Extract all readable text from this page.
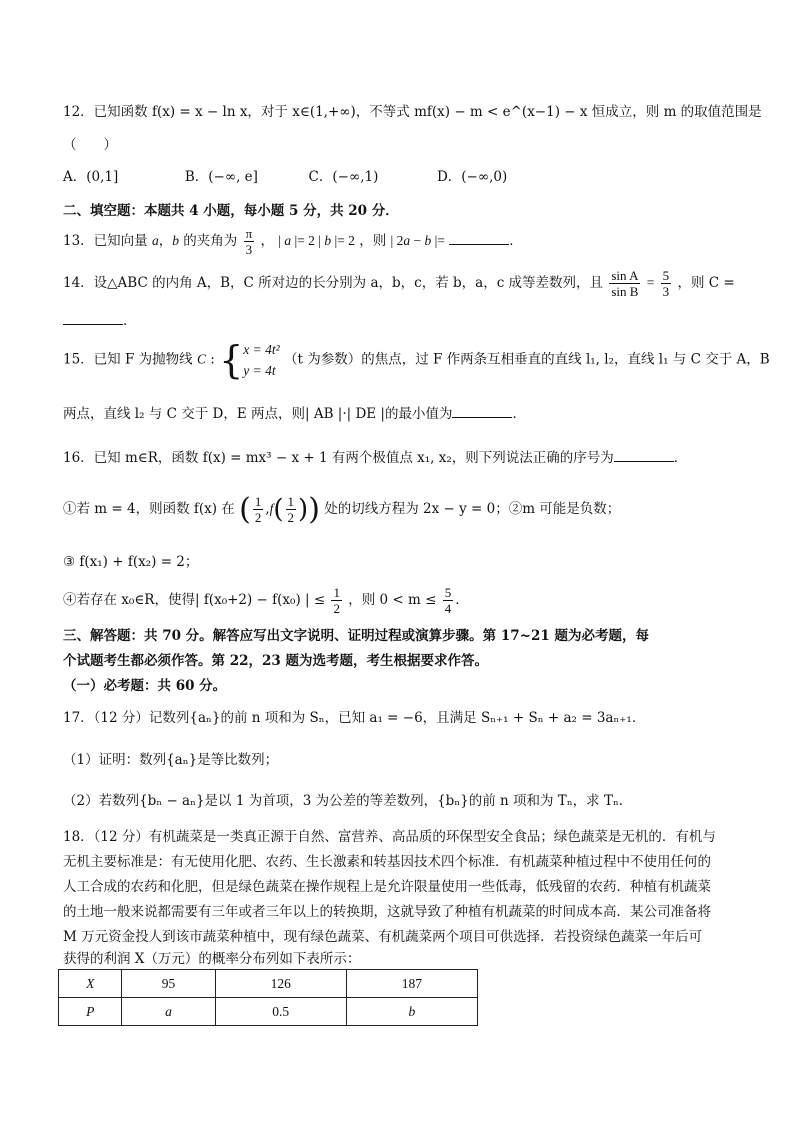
12．已知函数 f(x) = x − ln x，对于 x∈(1,+∞)，不等式 mf(x) − m < e^(x−1) − x 恒成立，则 m 的取值范围是
（　　）
A．(0,1]	B．(−∞, e]	C．(−∞,1)	D．(−∞,0)
二、填空题：本题共 4 小题，每小题 5 分，共 20 分．
13．已知向量 a，b 的夹角为 $\frac{\pi}{3}$ ， | a |= 2 | b |= 2 ，则 | 2a − b |=	．
14．设△ABC 的内角 A，B，C 所对边的长分别为 a，b，c，若 b，a，c 成等差数列，且 $\frac{\text{sin A}}{\text{sin B}} = \frac{5}{3}$ ，则 C =
．
15．已知 F 为抛物线 C : { x = 4t²
y = 4t
（t 为参数）的焦点，过 F 作两条互相垂直的直线 l₁, l₂，直线 l₁ 与 C 交于 A，B
两点，直线 l₂ 与 C 交于 D，E 两点，则| AB |·| DE |的最小值为	．
16．已知 m∈R，函数 f(x) = mx³ − x + 1 有两个极值点 x₁, x₂，则下列说法正确的序号为	．
①若 m = 4，则函数 f(x) 在 ( $\frac{1}{2} ,f( \frac{1}{2}$ )) 处的切线方程为 2x − y = 0；②m 可能是负数；
③ f(x₁) + f(x₂) = 2；
④若存在 x₀∈R，使得| f(x₀+2) − f(x₀) | ≤ $\frac{1}{2}$ ，则 $0 < m \le \frac{5}{4}$ ．
三、解答题：共 70 分。解答应写出文字说明、证明过程或演算步骤。第 17~21 题为必考题，每
个试题考生都必须作答。第 22，23 题为选考题，考生根据要求作答。
（一）必考题：共 60 分。
17．（12 分）记数列{aₙ}的前 n 项和为 Sₙ，已知 a₁ = −6，且满足 Sₙ₊₁ + Sₙ + a₂ = 3aₙ₊₁．
（1）证明：数列{aₙ}是等比数列；
（2）若数列{bₙ − aₙ}是以 1 为首项，3 为公差的等差数列，{bₙ}的前 n 项和为 Tₙ，求 Tₙ．
18．（12 分）有机蔬菜是一类真正源于自然、富营养、高品质的环保型安全食品；绿色蔬菜是无机的．有机与
无机主要标准是：有无使用化肥、农药、生长激素和转基因技术四个标准．有机蔬菜种植过程中不使用任何的
人工合成的农药和化肥，但是绿色蔬菜在操作规程上是允许限量使用一些低毒，低残留的农药．种植有机蔬菜
的土地一般来说都需要有三年或者三年以上的转换期，这就导致了种植有机蔬菜的时间成本高．某公司准备将
M 万元资金投人到该市蔬菜种植中，现有绿色蔬菜、有机蔬菜两个项目可供选择．若投资绿色蔬菜一年后可
获得的利润 X（万元）的概率分布列如下表所示：
X	95	126	187
P	a	0.5	b
